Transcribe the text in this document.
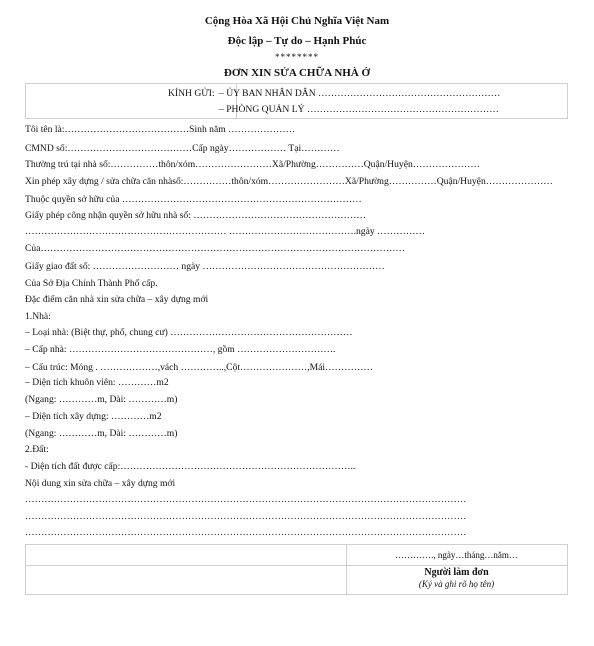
Cộng Hòa Xã Hội Chủ Nghĩa Việt Nam
Độc lập – Tự do – Hạnh Phúc
********
ĐƠN XIN SỬA CHỮA NHÀ Ở
KÍNH GỬI: – ỦY BAN NHÂN DÂN …………………………………………………
– PHÒNG QUẢN LÝ ……………………………………………………
Tôi tên là:…………………………………Sinh năm …………………
CMND số:…………………………………Cấp ngày……………… Tại…………
Thường trú tại nhà số:……………thôn/xóm……………………Xã/Phường……………Quận/Huyện…………………
Xin phép xây dựng / sửa chữa căn nhàsố:……………thôn/xóm……………………Xã/Phường……………Quận/Huyện…………………
Thuộc quyền sở hữu của …………………………………………………………………
Giấy phép công nhận quyền sở hữu nhà số: ………………………………………………
……………………………………………………… ………………………………….ngày ……………
Của……………………………………………………………………………………………………
Giấy giao đất số: ……………………… ngày …………………………………………………
Của Sở Địa Chính Thành Phố cấp.
Đặc điểm căn nhà xin sửa chữa – xây dựng mới
1.Nhà:
– Loại nhà: (Biệt thự, phố, chung cư) …………………………………………………
– Cấp nhà: ………………………………………, gồm ………………………….
– Cấu trúc: Móng . ………………,vách …………..,Cột…………………,Mái……………
– Diện tích khuôn viên: …………m2
(Ngang: …………m, Dài: …………m)
– Diện tích xây dựng: …………m2
(Ngang: …………m, Dài: …………m)
2.Đất:
- Diện tích đất được cấp:………………………………………………………………..
Nội dung xin sửa chữa – xây dựng mới
…………………………………………………………………………………………………………………………
…………………………………………………………………………………………………………………………
…………………………………………………………………………………………………………………………
…………., ngày…tháng…năm…
Người làm đơn
(Ký và ghi rõ họ tên)
